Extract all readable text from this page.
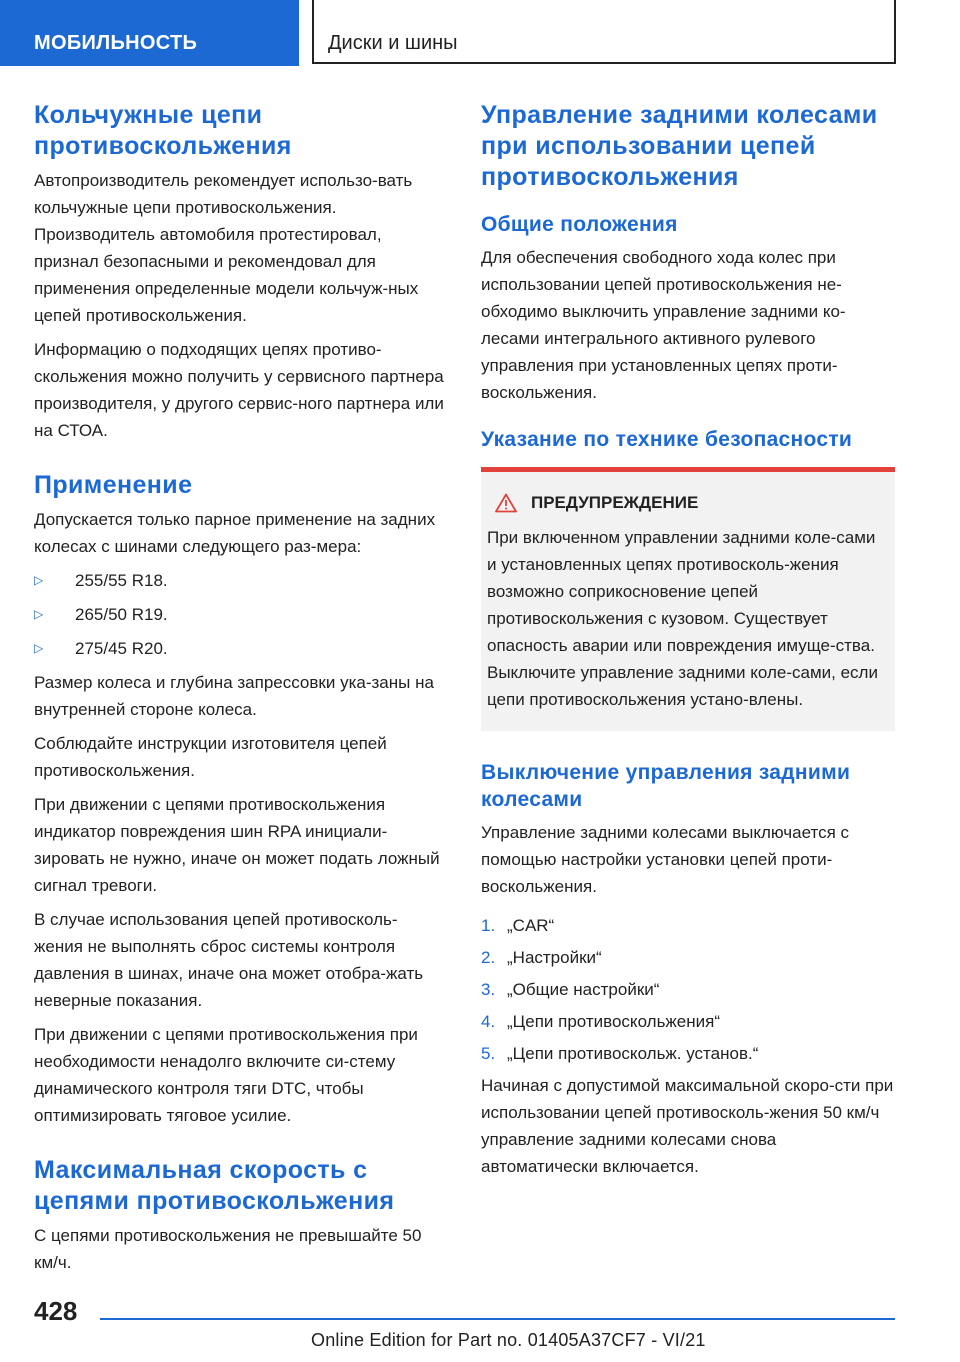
МОБИЛЬНОСТЬ	Диски и шины
Кольчужные цепи
противоскольжения

Автопроизводитель рекомендует использо-вать кольчужные цепи противоскольжения. Производитель автомобиля протестировал, признал безопасными и рекомендовал для применения определенные модели кольчуж-ных цепей противоскольжения.

Информацию о подходящих цепях противо-скольжения можно получить у сервисного партнера производителя, у другого сервис-ного партнера или на СТОА.

Применение

Допускается только парное применение на задних колесах с шинами следующего раз-мера:

▷ 255/55 R18.
▷ 265/50 R19.
▷ 275/45 R20.

Размер колеса и глубина запрессовки ука-заны на внутренней стороне колеса.

Соблюдайте инструкции изготовителя цепей противоскольжения.

При движении с цепями противоскольжения индикатор повреждения шин RPA инициали-зировать не нужно, иначе он может подать ложный сигнал тревоги.

В случае использования цепей противосколь-жения не выполнять сброс системы контроля давления в шинах, иначе она может отобра-жать неверные показания.

При движении с цепями противоскольжения при необходимости ненадолго включите си-стему динамического контроля тяги DTC, чтобы оптимизировать тяговое усилие.

Максимальная скорость с
цепями противоскольжения

С цепями противоскольжения не превышайте 50 км/ч.

Управление задними колесами
при использовании цепей
противоскольжения
Общие положения

Для обеспечения свободного хода колес при использовании цепей противоскольжения не-обходимо выключить управление задними ко-лесами интегрального активного рулевого управления при установленных цепях проти-воскольжения.

Указание по технике безопасности
ПРЕДУПРЕЖДЕНИЕ

При включенном управлении задними коле-сами и установленных цепях противосколь-жения возможно соприкосновение цепей противоскольжения с кузовом. Существует опасность аварии или повреждения имуще-ства. Выключите управление задними коле-сами, если цепи противоскольжения устано-влены.

Выключение управления задними
колесами

Управление задними колесами выключается с помощью настройки установки цепей проти-воскольжения.

1. „CAR“
2. „Настройки“
3. „Общие настройки“
4. „Цепи противоскольжения“
5. „Цепи противоскольж. установ.“

Начиная с допустимой максимальной скоро-сти при использовании цепей противосколь-жения 50 км/ч управление задними колесами снова автоматически включается.

428
Online Edition for Part no. 01405A37CF7 - VI/21
